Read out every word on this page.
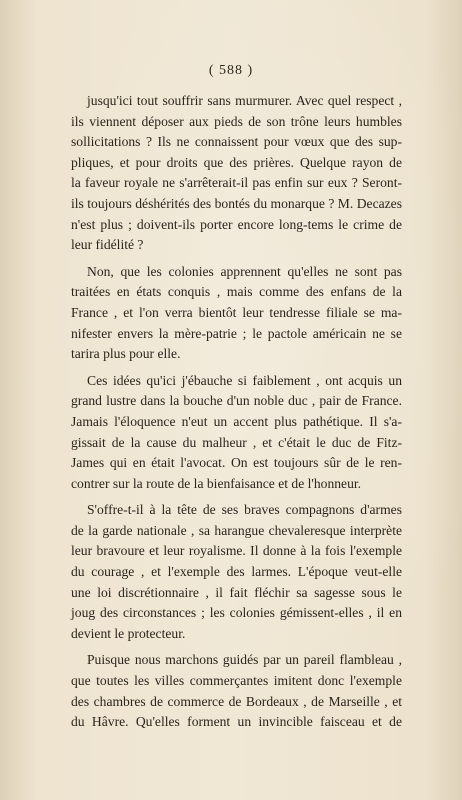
( 588 )
jusqu'ici tout souffrir sans murmurer. Avec quel respect ,
ils viennent déposer aux pieds de son trône leurs humbles
sollicitations ? Ils ne connaissent pour vœux que des sup-
pliques, et pour droits que des prières. Quelque rayon de
la faveur royale ne s'arrêterait-il pas enfin sur eux ? Seront-
ils toujours déshérités des bontés du monarque ? M. Decazes
n'est plus ; doivent-ils porter encore long-tems le crime de
leur fidélité ?
Non, que les colonies apprennent qu'elles ne sont pas
traitées en états conquis , mais comme des enfans de la
France , et l'on verra bientôt leur tendresse filiale se ma-
nifester envers la mère-patrie ; le pactole américain ne se
tarira plus pour elle.
Ces idées qu'ici j'ébauche si faiblement , ont acquis un
grand lustre dans la bouche d'un noble duc , pair de France.
Jamais l'éloquence n'eut un accent plus pathétique. Il s'a-
gissait de la cause du malheur , et c'était le duc de Fitz-
James qui en était l'avocat. On est toujours sûr de le ren-
contrer sur la route de la bienfaisance et de l'honneur.
S'offre-t-il à la tête de ses braves compagnons d'armes
de la garde nationale , sa harangue chevaleresque interprète
leur bravoure et leur royalisme. Il donne à la fois l'exemple
du courage , et l'exemple des larmes. L'époque veut-elle
une loi discrétionnaire , il fait fléchir sa sagesse sous le
joug des circonstances ; les colonies gémissent-elles , il en
devient le protecteur.
Puisque nous marchons guidés par un pareil flambleau ,
que toutes les villes commerçantes imitent donc l'exemple
des chambres de commerce de Bordeaux , de Marseille , et
du Hâvre. Qu'elles forment un invincible faisceau et de
